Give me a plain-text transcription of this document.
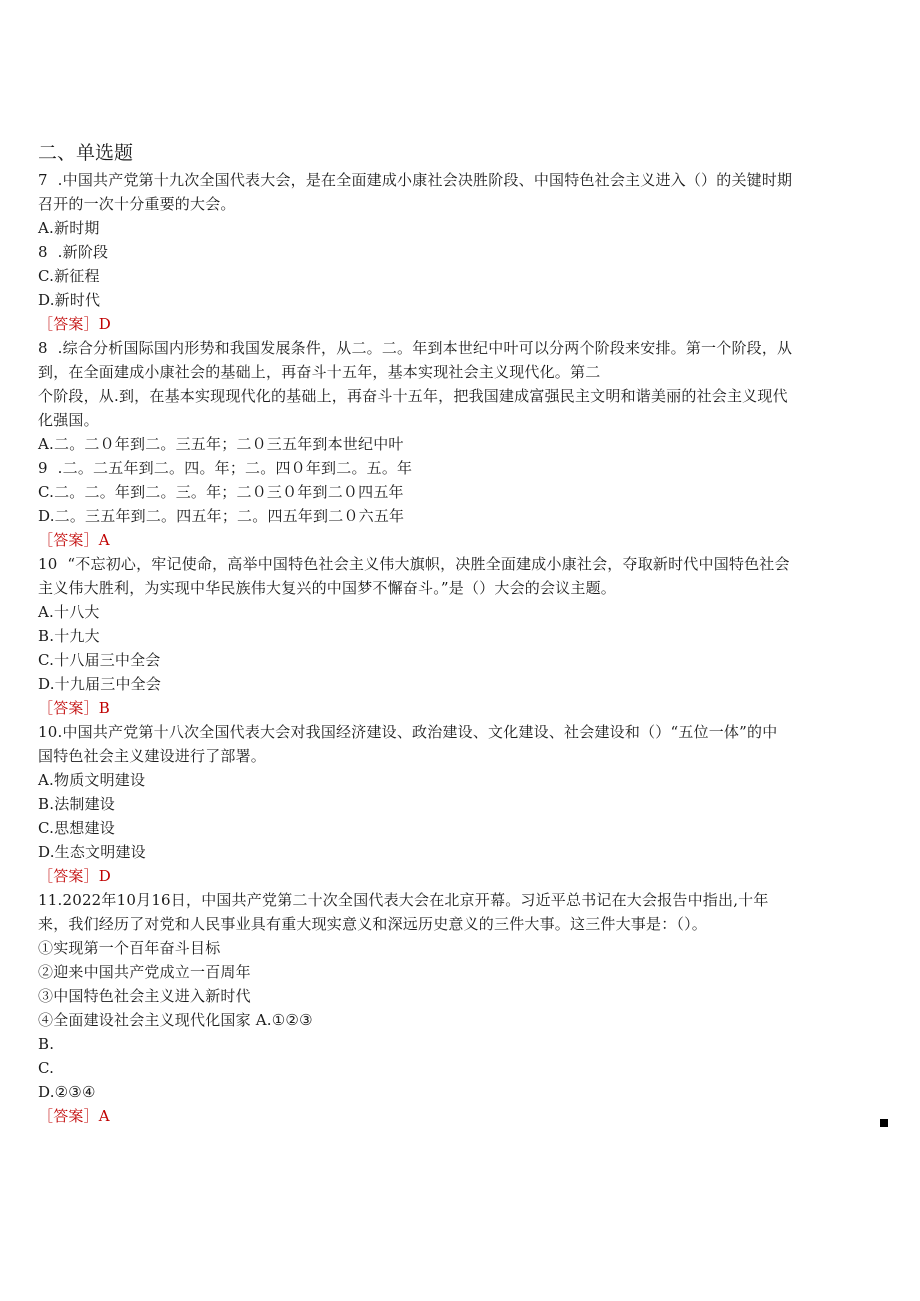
二、单选题
7  .中国共产党第十九次全国代表大会，是在全面建成小康社会决胜阶段、中国特色社会主义进入（）的关键时期
召开的一次十分重要的大会。
A.新时期
8  .新阶段
C.新征程
D.新时代
［答案］D
8  .综合分析国际国内形势和我国发展条件，从二。二。年到本世纪中叶可以分两个阶段来安排。第一个阶段，从
到，在全面建成小康社会的基础上，再奋斗十五年，基本实现社会主义现代化。第二
个阶段，从.到，在基本实现现代化的基础上，再奋斗十五年，把我国建成富强民主文明和谐美丽的社会主义现代
化强国。
A.二。二０年到二。三五年；二０三五年到本世纪中叶
9  .二。二五年到二。四。年；二。四０年到二。五。年
C.二。二。年到二。三。年；二０三０年到二０四五年
D.二。三五年到二。四五年；二。四五年到二０六五年
［答案］A
10  “不忘初心，牢记使命，高举中国特色社会主义伟大旗帜，决胜全面建成小康社会，夺取新时代中国特色社会
主义伟大胜利，为实现中华民族伟大复兴的中国梦不懈奋斗。”是（）大会的会议主题。
A.十八大
B.十九大
C.十八届三中全会
D.十九届三中全会
［答案］B
10.中国共产党第十八次全国代表大会对我国经济建设、政治建设、文化建设、社会建设和（）“五位一体”的中
国特色社会主义建设进行了部署。
A.物质文明建设
B.法制建设
C.思想建设
D.生态文明建设
［答案］D
11.2022年10月16日，中国共产党第二十次全国代表大会在北京开幕。习近平总书记在大会报告中指出,十年
来，我们经历了对党和人民事业具有重大现实意义和深远历史意义的三件大事。这三件大事是：（）。
①实现第一个百年奋斗目标
②迎来中国共产党成立一百周年
③中国特色社会主义进入新时代
④全面建设社会主义现代化国家 A.①②③
B.
C.
D.②③④
［答案］A
